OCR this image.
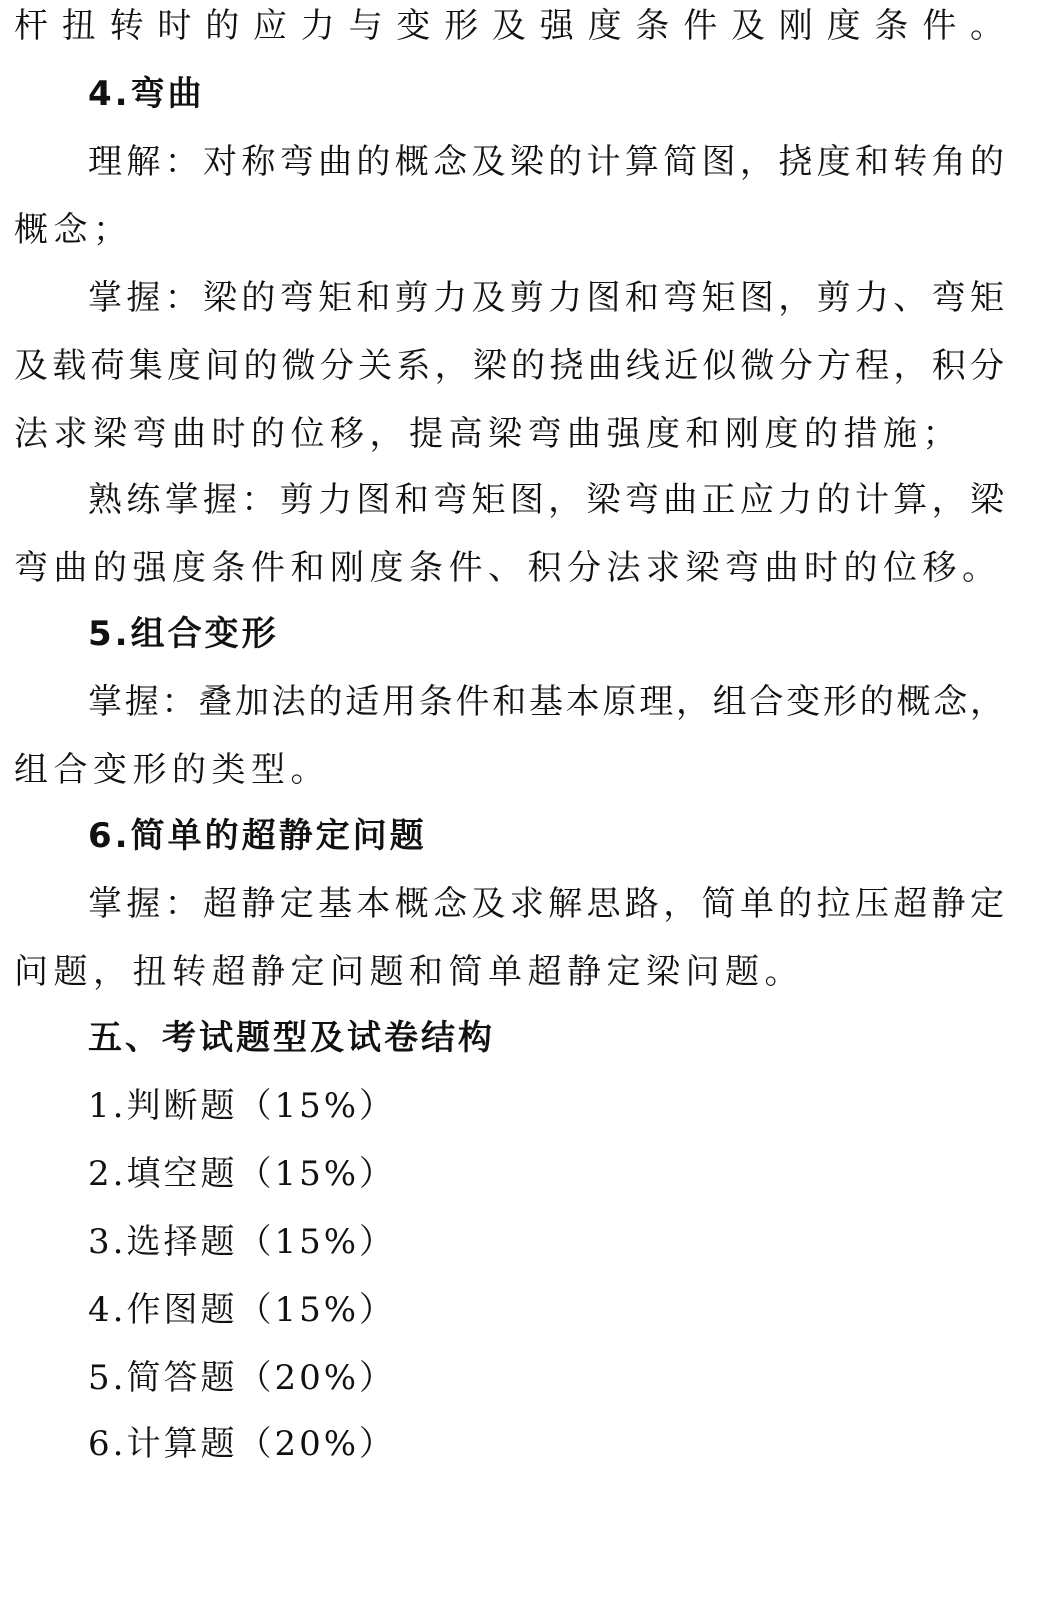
杆扭转时的应力与变形及强度条件及刚度条件。
4.弯曲
理解：对称弯曲的概念及梁的计算简图，挠度和转角的
概念；
掌握：梁的弯矩和剪力及剪力图和弯矩图，剪力、弯矩
及载荷集度间的微分关系，梁的挠曲线近似微分方程，积分
法求梁弯曲时的位移，提高梁弯曲强度和刚度的措施；
熟练掌握：剪力图和弯矩图，梁弯曲正应力的计算，梁
弯曲的强度条件和刚度条件、积分法求梁弯曲时的位移。
5.组合变形
掌握：叠加法的适用条件和基本原理，组合变形的概念，
组合变形的类型。
6.简单的超静定问题
掌握：超静定基本概念及求解思路，简单的拉压超静定
问题，扭转超静定问题和简单超静定梁问题。
五、考试题型及试卷结构
1.判断题（15%）
2.填空题（15%）
3.选择题（15%）
4.作图题（15%）
5.简答题（20%）
6.计算题（20%）
